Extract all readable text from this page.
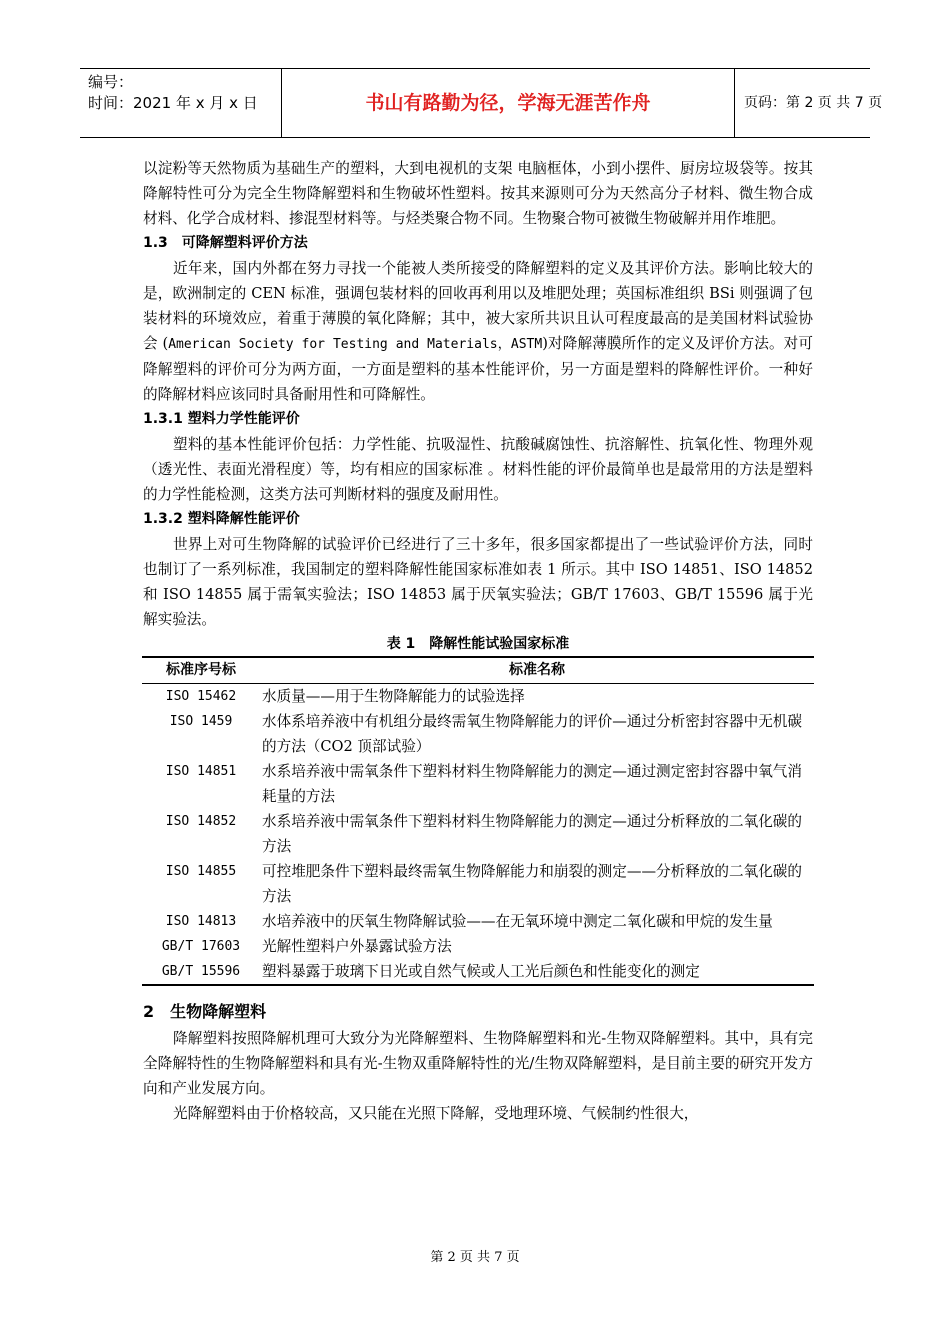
编号：
时间：2021 年 x 月 x 日	书山有路勤为径，学海无涯苦作舟	页码：第 2 页 共 7 页

以淀粉等天然物质为基础生产的塑料，大到电视机的支架 电脑框体，小到小摆件、厨房垃圾袋等。按其降解特性可分为完全生物降解塑料和生物破坏性塑料。按其来源则可分为天然高分子材料、微生物合成材料、化学合成材料、掺混型材料等。与烃类聚合物不同。生物聚合物可被微生物破解并用作堆肥。

1.3　可降解塑料评价方法

近年来，国内外都在努力寻找一个能被人类所接受的降解塑料的定义及其评价方法。影响比较大的是，欧洲制定的 CEN 标准，强调包装材料的回收再利用以及堆肥处理；英国标准组织 BSi 则强调了包装材料的环境效应，着重于薄膜的氧化降解；其中，被大家所共识且认可程度最高的是美国材料试验协会 (American Society for Testing and Materials，ASTM)对降解薄膜所作的定义及评价方法。对可降解塑料的评价可分为两方面，一方面是塑料的基本性能评价，另一方面是塑料的降解性评价。一种好的降解材料应该同时具备耐用性和可降解性。

1.3.1 塑料力学性能评价

塑料的基本性能评价包括：力学性能、抗吸湿性、抗酸碱腐蚀性、抗溶解性、抗氧化性、物理外观（透光性、表面光滑程度）等，均有相应的国家标准 。材料性能的评价最简单也是最常用的方法是塑料的力学性能检测，这类方法可判断材料的强度及耐用性。

1.3.2 塑料降解性能评价

世界上对可生物降解的试验评价已经进行了三十多年，很多国家都提出了一些试验评价方法，同时也制订了一系列标准，我国制定的塑料降解性能国家标准如表 1 所示。其中 ISO 14851、ISO 14852 和 ISO 14855 属于需氧实验法；ISO 14853 属于厌氧实验法；GB/T 17603、GB/T 15596 属于光解实验法。

表 1　降解性能试验国家标准
标准序号标	标准名称
ISO 15462	水质量——用于生物降解能力的试验选择
ISO 1459	水体系培养液中有机组分最终需氧生物降解能力的评价—通过分析密封容器中无机碳的方法（CO2 顶部试验）
ISO 14851	水系培养液中需氧条件下塑料材料生物降解能力的测定—通过测定密封容器中氧气消耗量的方法
ISO 14852	水系培养液中需氧条件下塑料材料生物降解能力的测定—通过分析释放的二氧化碳的方法
ISO 14855	可控堆肥条件下塑料最终需氧生物降解能力和崩裂的测定——分析释放的二氧化碳的方法
ISO 14813	水培养液中的厌氧生物降解试验——在无氧环境中测定二氧化碳和甲烷的发生量
GB/T 17603	光解性塑料户外暴露试验方法
GB/T 15596	塑料暴露于玻璃下日光或自然气候或人工光后颜色和性能变化的测定

2　生物降解塑料

降解塑料按照降解机理可大致分为光降解塑料、生物降解塑料和光-生物双降解塑料。其中，具有完全降解特性的生物降解塑料和具有光-生物双重降解特性的光/生物双降解塑料，是目前主要的研究开发方向和产业发展方向。

光降解塑料由于价格较高，又只能在光照下降解，受地理环境、气候制约性很大，

第 2 页 共 7 页
